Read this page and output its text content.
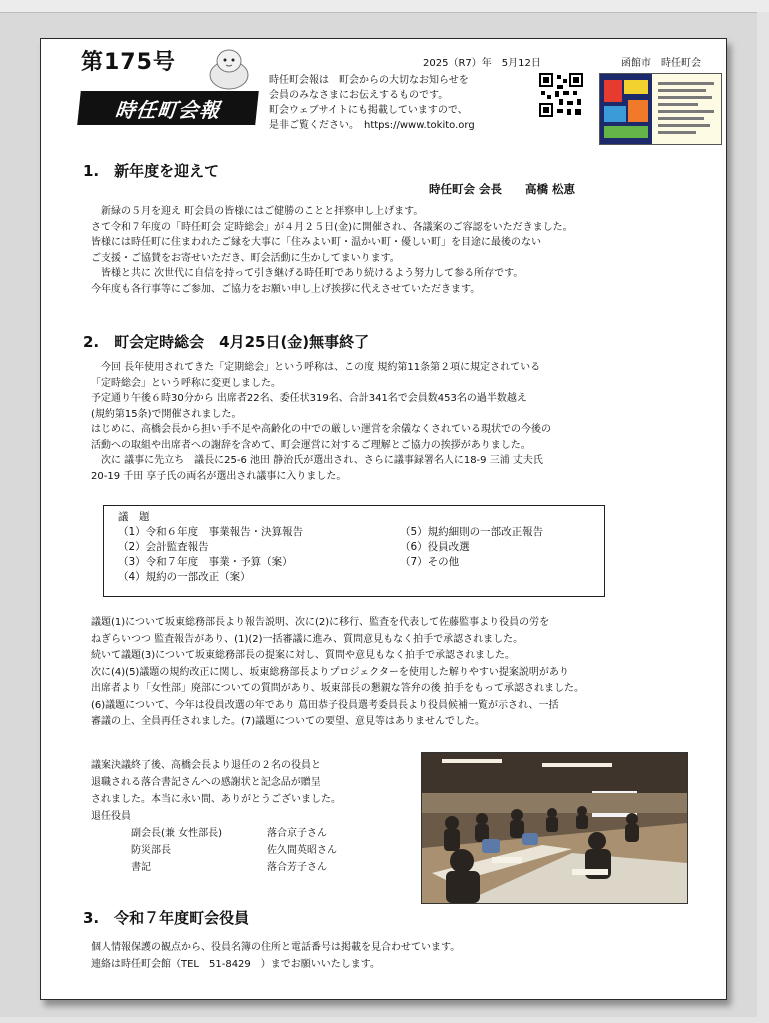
第175号
時任町会報
2025（R7）年　5月12日	函館市　時任町会
時任町会報は　町会からの大切なお知らせを
会員のみなさまにお伝えするものです。
町会ウェブサイトにも掲載していますので、
是非ご覧ください。　https://www.tokito.org
1.　新年度を迎えて
時任町会 会長　　高橋 松恵
　新緑の５月を迎え 町会員の皆様にはご健勝のことと拝察申し上げます。
さて令和７年度の「時任町会 定時総会」が４月２５日(金)に開催され、各議案のご容認をいただきました。
皆様には時任町に住まわれたご縁を大事に「住みよい町・温かい町・優しい町」を目途に最後のない
ご支援・ご協賛をお寄せいただき、町会活動に生かしてまいります。
　皆様と共に 次世代に自信を持って引き継げる時任町であり続けるよう努力して参る所存です。
今年度も各行事等にご参加、ご協力をお願い申し上げ挨拶に代えさせていただきます。
2.　町会定時総会　4月25日(金)無事終了
　今回 長年使用されてきた「定期総会」という呼称は、この度 規約第11条第２項に規定されている
「定時総会」という呼称に変更しました。
予定通り午後６時30分から 出席者22名、委任状319名、合計341名で会員数453名の過半数越え
(規約第15条)で開催されました。
はじめに、高橋会長から担い手不足や高齢化の中での厳しい運営を余儀なくされている現状での今後の
活動への取組や出席者への謝辞を含めて、町会運営に対するご理解とご協力の挨拶がありました。
　次に 議事に先立ち　議長に25-6 池田 静治氏が選出され、さらに議事録署名人に18-9 三浦 丈夫氏
20-19 千田 享子氏の両名が選出され議事に入りました。
議　題
（1）令和６年度　事業報告・決算報告
（2）会計監査報告
（3）令和７年度　事業・予算（案）
（4）規約の一部改正（案）
（5）規約細則の一部改正報告
（6）役員改選
（7）その他
議題(1)について坂東総務部長より報告説明、次に(2)に移行、監査を代表して佐藤監事より役員の労を
ねぎらいつつ 監査報告があり、(1)(2)一括審議に進み、質問意見もなく拍手で承認されました。
続いて議題(3)について坂東総務部長の提案に対し、質問や意見もなく拍手で承認されました。
次に(4)(5)議題の規約改正に関し、坂東総務部長よりプロジェクターを使用した解りやすい提案説明があり
出席者より「女性部」廃部についての質問があり、坂東部長の懇親な答弁の後 拍手をもって承認されました。
(6)議題について、今年は役員改選の年であり 蔦田恭子役員選考委員長より役員候補一覧が示され、一括
審議の上、全員再任されました。(7)議題についての要望、意見等はありませんでした。
議案決議終了後、高橋会長より退任の２名の役員と
退職される落合書記さんへの感謝状と記念品が贈呈
されました。本当に永い間、ありがとうございました。
退任役員
副会長(兼 女性部長)	落合京子さん
防災部長	佐久間英昭さん
書記	落合芳子さん
3.　令和７年度町会役員
個人情報保護の観点から、役員名簿の住所と電話番号は掲載を見合わせています。
連絡は時任町会館（TEL　51-8429　）までお願いいたします。
